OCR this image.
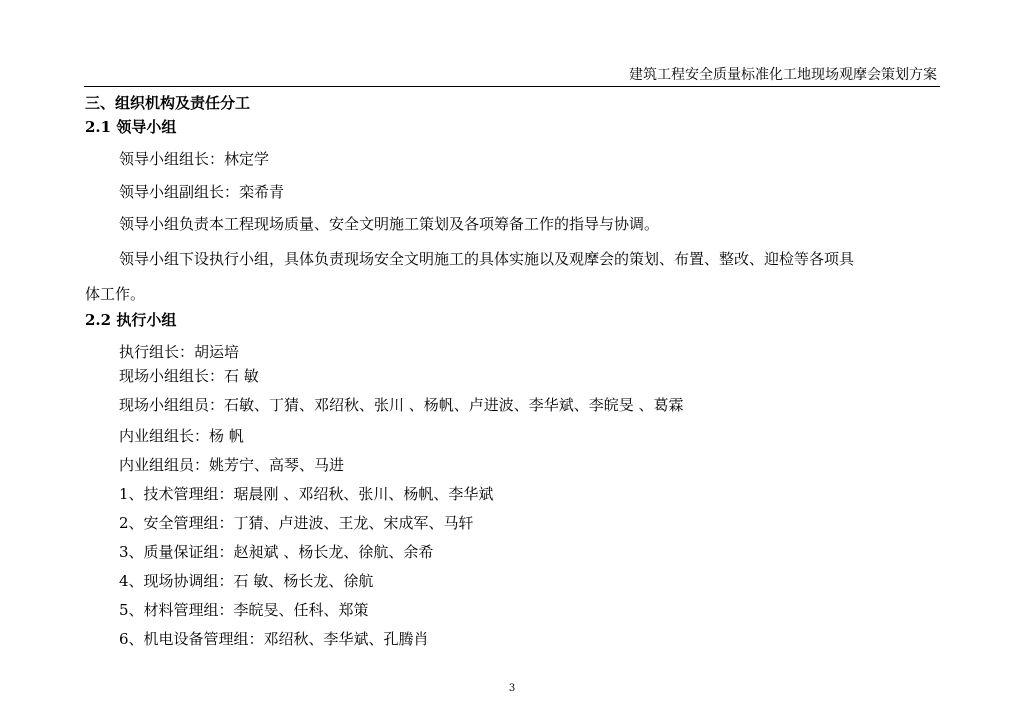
建筑工程安全质量标准化工地现场观摩会策划方案
三、组织机构及责任分工
2.1 领导小组
领导小组组长：林定学
领导小组副组长：栾希青
领导小组负责本工程现场质量、安全文明施工策划及各项筹备工作的指导与协调。
领导小组下设执行小组，具体负责现场安全文明施工的具体实施以及观摩会的策划、布置、整改、迎检等各项具
体工作。
2.2 执行小组
执行组长：胡运培
现场小组组长：石 敏
现场小组组员：石敏、丁猜、邓绍秋、张川 、杨帆、卢进波、李华斌、李皖旻 、葛霖
内业组组长：杨 帆
内业组组员：姚芳宁、高琴、马进
1、技术管理组：琚晨刚 、邓绍秋、张川、杨帆、李华斌
2、安全管理组：丁猜、卢进波、王龙、宋成军、马轩
3、质量保证组：赵昶斌 、杨长龙、徐航、余希
4、现场协调组：石 敏、杨长龙、徐航
5、材料管理组：李皖旻、任科、郑策
6、机电设备管理组：邓绍秋、李华斌、孔腾肖
3
